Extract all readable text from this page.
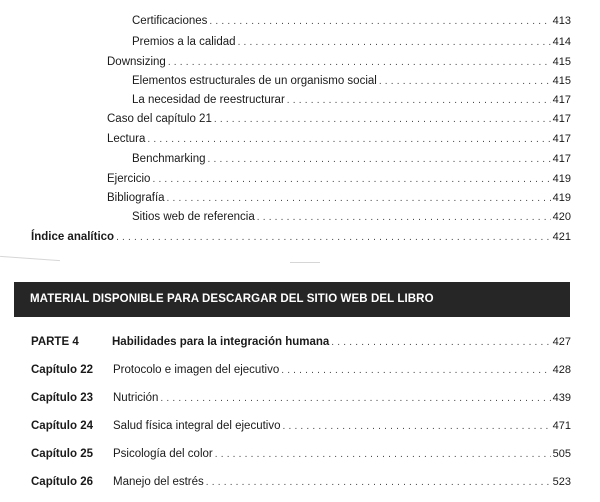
Certificaciones .....	413
Premios a la calidad .....	414
Downsizing .....	415
Elementos estructurales de un organismo social .....	415
La necesidad de reestructurar .....	417
Caso del capítulo 21 .....	417
Lectura .....	417
Benchmarking .....	417
Ejercicio .....	419
Bibliografía .....	419
Sitios web de referencia .....	420
Índice analítico .....	421
MATERIAL DISPONIBLE PARA DESCARGAR DEL SITIO WEB DEL LIBRO
PARTE 4	Habilidades para la integración humana .....	427
Capítulo 22	Protocolo e imagen del ejecutivo .....	428
Capítulo 23	Nutrición .....	439
Capítulo 24	Salud física integral del ejecutivo .....	471
Capítulo 25	Psicología del color .....	505
Capítulo 26	Manejo del estrés .....	523
